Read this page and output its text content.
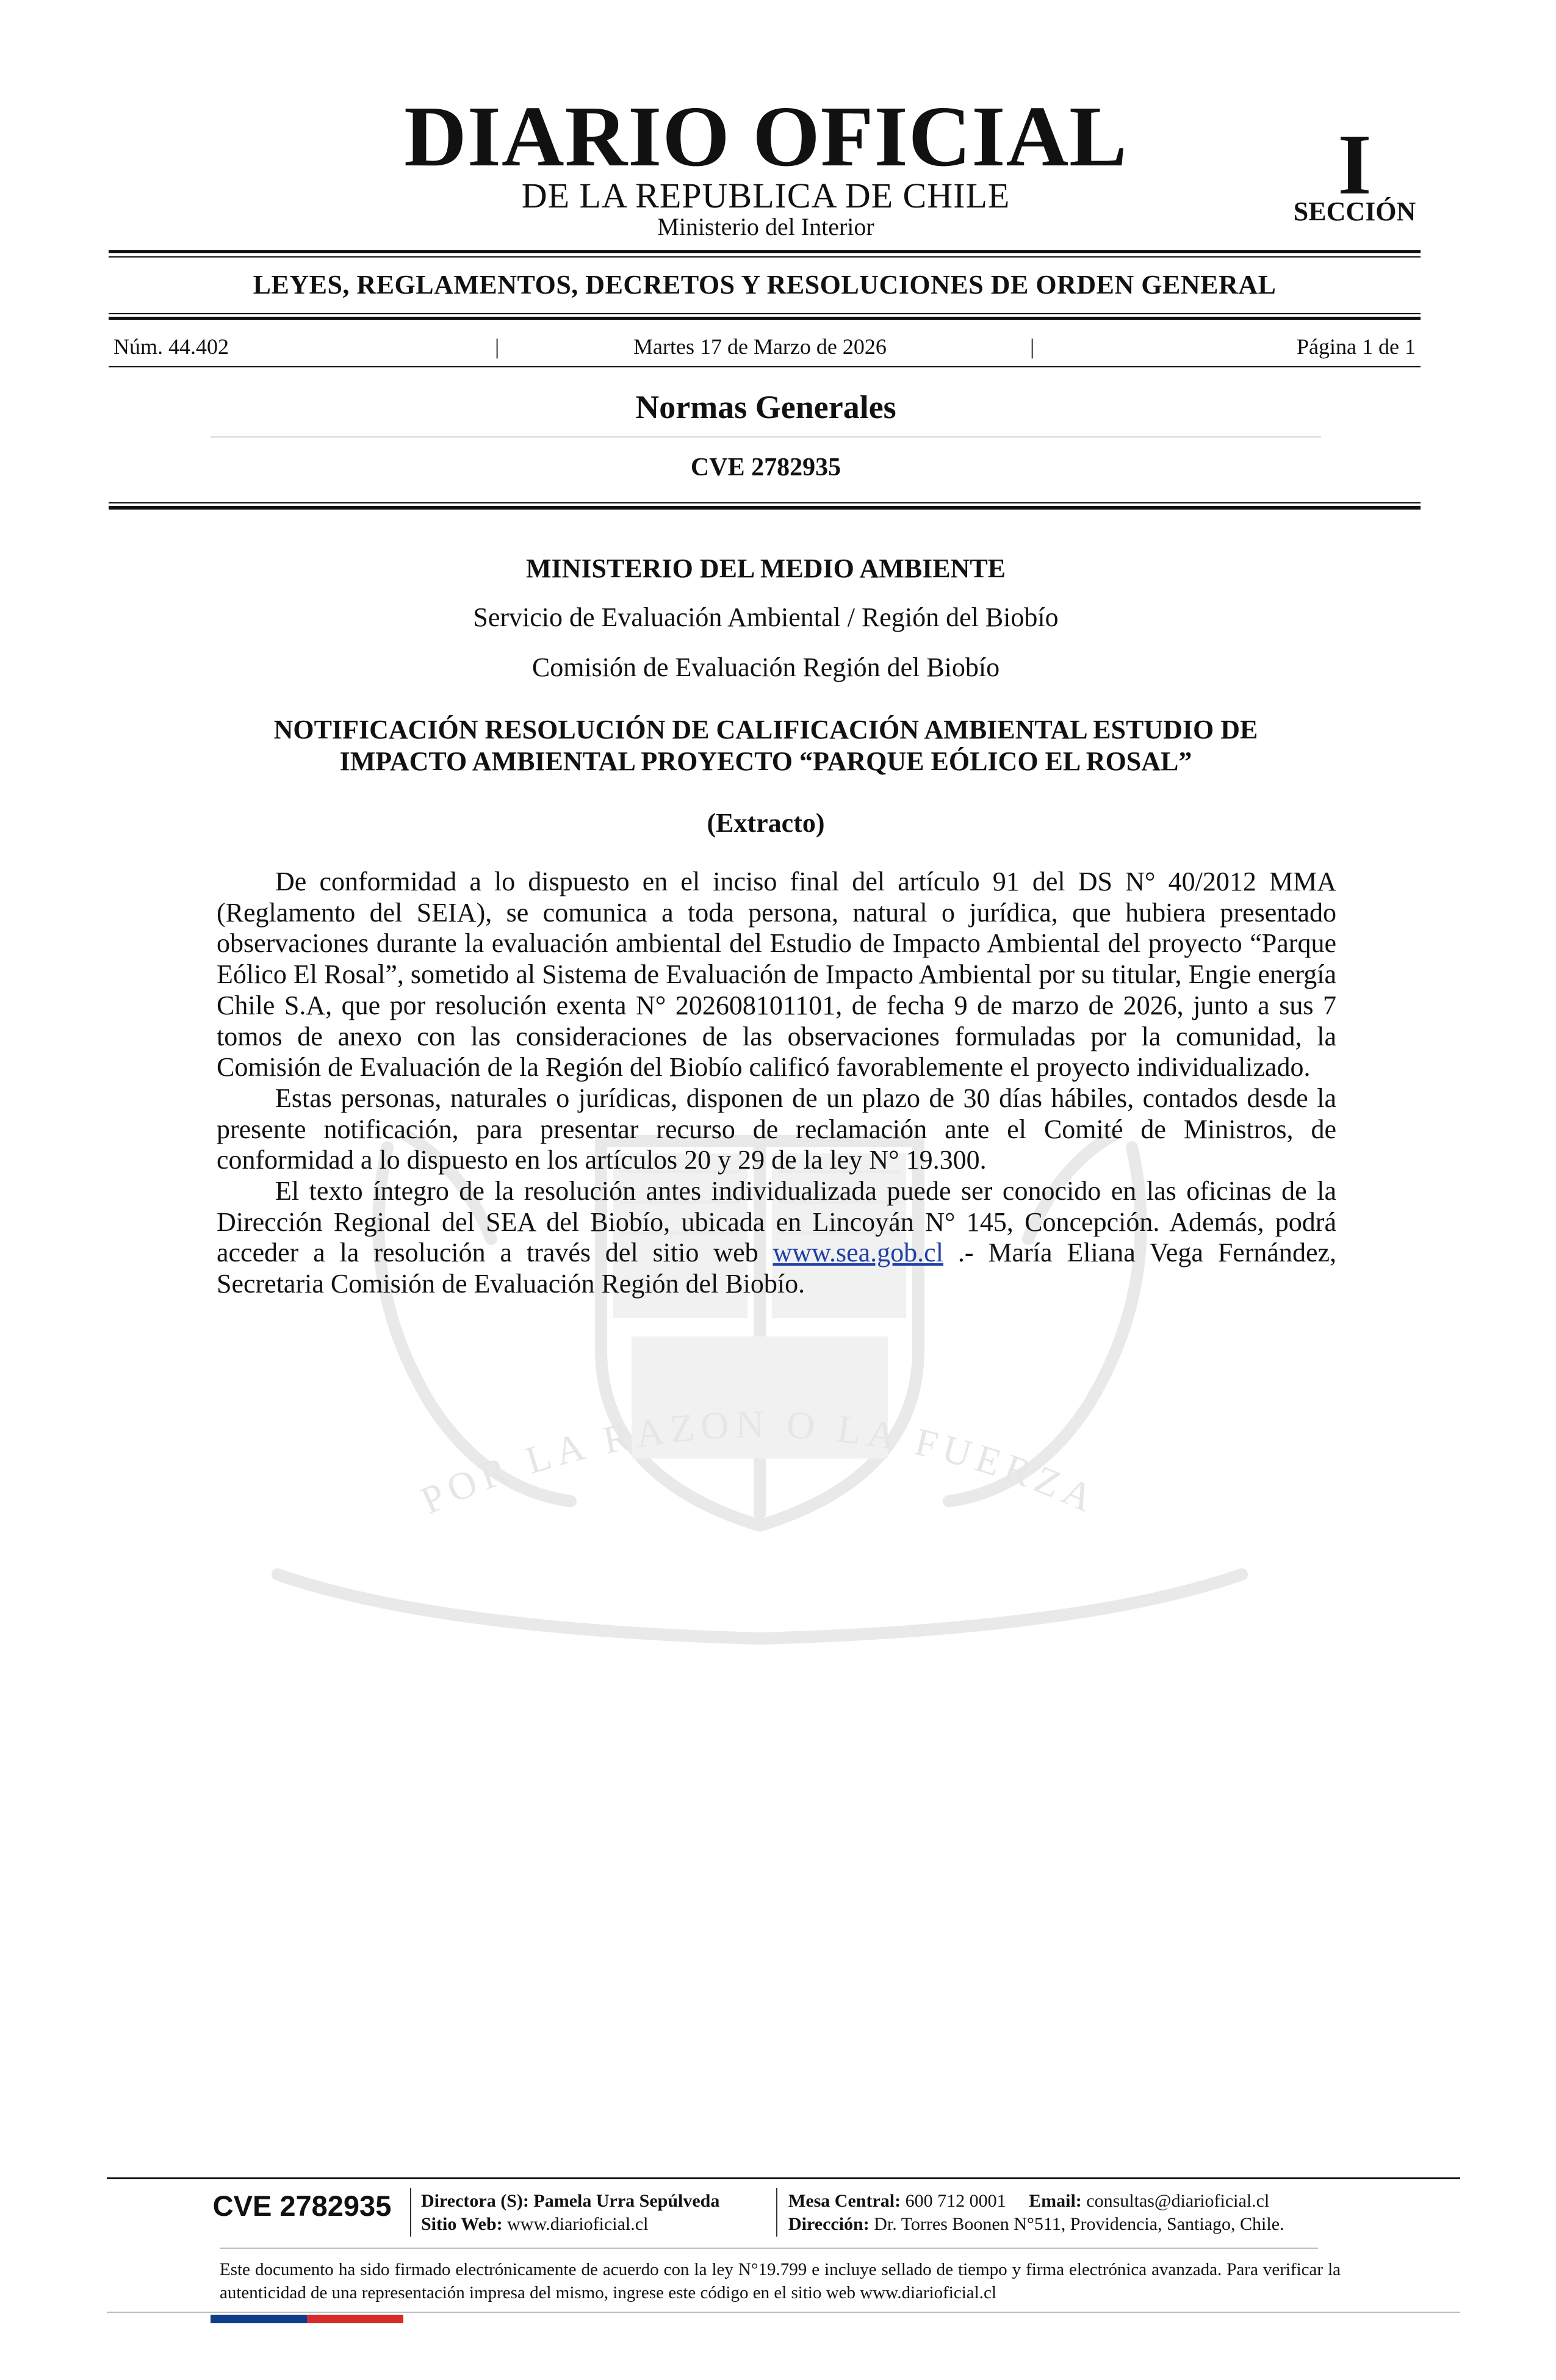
DIARIO OFICIAL
DE LA REPUBLICA DE CHILE
Ministerio del Interior
I
SECCIÓN
LEYES, REGLAMENTOS, DECRETOS Y RESOLUCIONES DE ORDEN GENERAL
Núm. 44.402	|	Martes 17 de Marzo de 2026	|	Página 1 de 1
Normas Generales
CVE 2782935
POR LA RAZON O LA FUERZA
MINISTERIO DEL MEDIO AMBIENTE
Servicio de Evaluación Ambiental / Región del Biobío
Comisión de Evaluación Región del Biobío
NOTIFICACIÓN RESOLUCIÓN DE CALIFICACIÓN AMBIENTAL ESTUDIO DE
IMPACTO AMBIENTAL PROYECTO “PARQUE EÓLICO EL ROSAL”
(Extracto)

De conformidad a lo dispuesto en el inciso final del artículo 91 del DS N° 40/2012 MMA (Reglamento del SEIA), se comunica a toda persona, natural o jurídica, que hubiera presentado observaciones durante la evaluación ambiental del Estudio de Impacto Ambiental del proyecto “Parque Eólico El Rosal”, sometido al Sistema de Evaluación de Impacto Ambiental por su titular, Engie energía Chile S.A, que por resolución exenta N° 202608101101, de fecha 9 de marzo de 2026, junto a sus 7 tomos de anexo con las consideraciones de las observaciones formuladas por la comunidad, la Comisión de Evaluación de la Región del Biobío calificó favorablemente el proyecto individualizado.

Estas personas, naturales o jurídicas, disponen de un plazo de 30 días hábiles, contados desde la presente notificación, para presentar recurso de reclamación ante el Comité de Ministros, de conformidad a lo dispuesto en los artículos 20 y 29 de la ley N° 19.300.

El texto íntegro de la resolución antes individualizada puede ser conocido en las oficinas de la Dirección Regional del SEA del Biobío, ubicada en Lincoyán N° 145, Concepción. Además, podrá acceder a la resolución a través del sitio web www.sea.gob.cl .- María Eliana Vega Fernández, Secretaria Comisión de Evaluación Región del Biobío.

CVE 2782935	Directora (S): Pamela Urra Sepúlveda
Sitio Web: www.diarioficial.cl
Mesa Central: 600 712 0001 Email: consultas@diarioficial.cl
Dirección: Dr. Torres Boonen N°511, Providencia, Santiago, Chile.
Este documento ha sido firmado electrónicamente de acuerdo con la ley N°19.799 e incluye sellado de tiempo y firma electrónica avanzada. Para verificar la autenticidad de una representación impresa del mismo, ingrese este código en el sitio web www.diarioficial.cl
